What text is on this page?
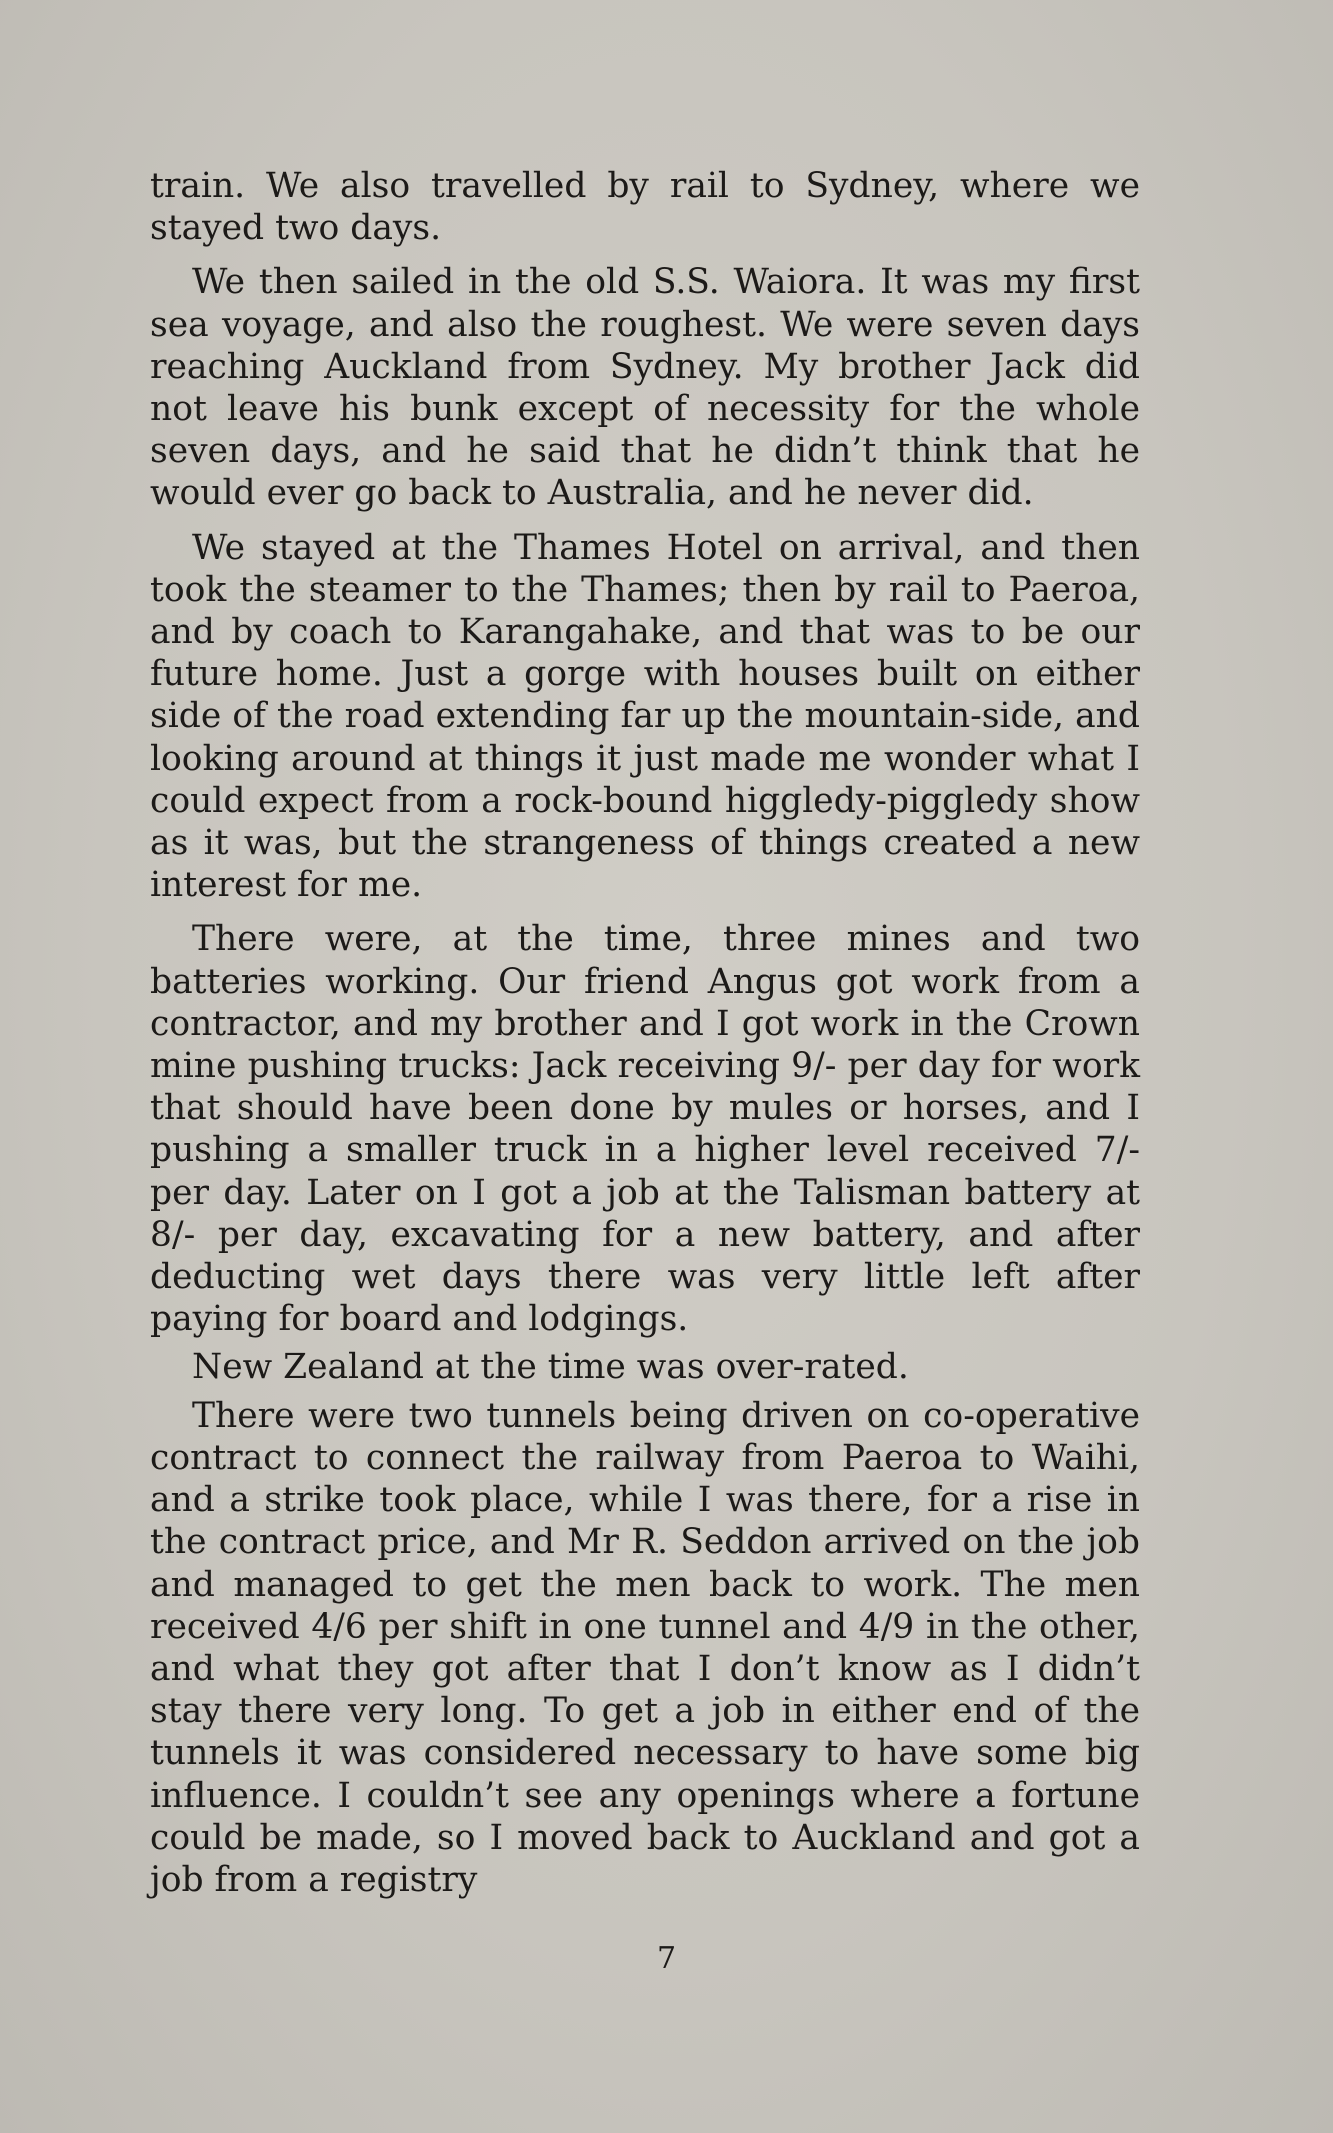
train. We also travelled by rail to Sydney, where we stayed two days.

We then sailed in the old S.S. Waiora. It was my first sea voyage, and also the roughest. We were seven days reaching Auckland from Sydney. My brother Jack did not leave his bunk except of necessity for the whole seven days, and he said that he didn’t think that he would ever go back to Australia, and he never did.

We stayed at the Thames Hotel on arrival, and then took the steamer to the Thames; then by rail to Paeroa, and by coach to Karangahake, and that was to be our future home. Just a gorge with houses built on either side of the road extending far up the mountain-side, and looking around at things it just made me wonder what I could expect from a rock-bound higgledy-piggledy show as it was, but the strangeness of things created a new interest for me.

There were, at the time, three mines and two batteries working. Our friend Angus got work from a contractor, and my brother and I got work in the Crown mine pushing trucks: Jack receiving 9/- per day for work that should have been done by mules or horses, and I pushing a smaller truck in a higher level received 7/- per day. Later on I got a job at the Talisman battery at 8/- per day, excavating for a new battery, and after deducting wet days there was very little left after paying for board and lodgings.

New Zealand at the time was over-rated.

There were two tunnels being driven on co-operative contract to connect the railway from Paeroa to Waihi, and a strike took place, while I was there, for a rise in the contract price, and Mr R. Seddon arrived on the job and managed to get the men back to work. The men received 4/6 per shift in one tunnel and 4/9 in the other, and what they got after that I don’t know as I didn’t stay there very long. To get a job in either end of the tunnels it was considered necessary to have some big influence. I couldn’t see any openings where a fortune could be made, so I moved back to Auckland and got a job from a registry

7
